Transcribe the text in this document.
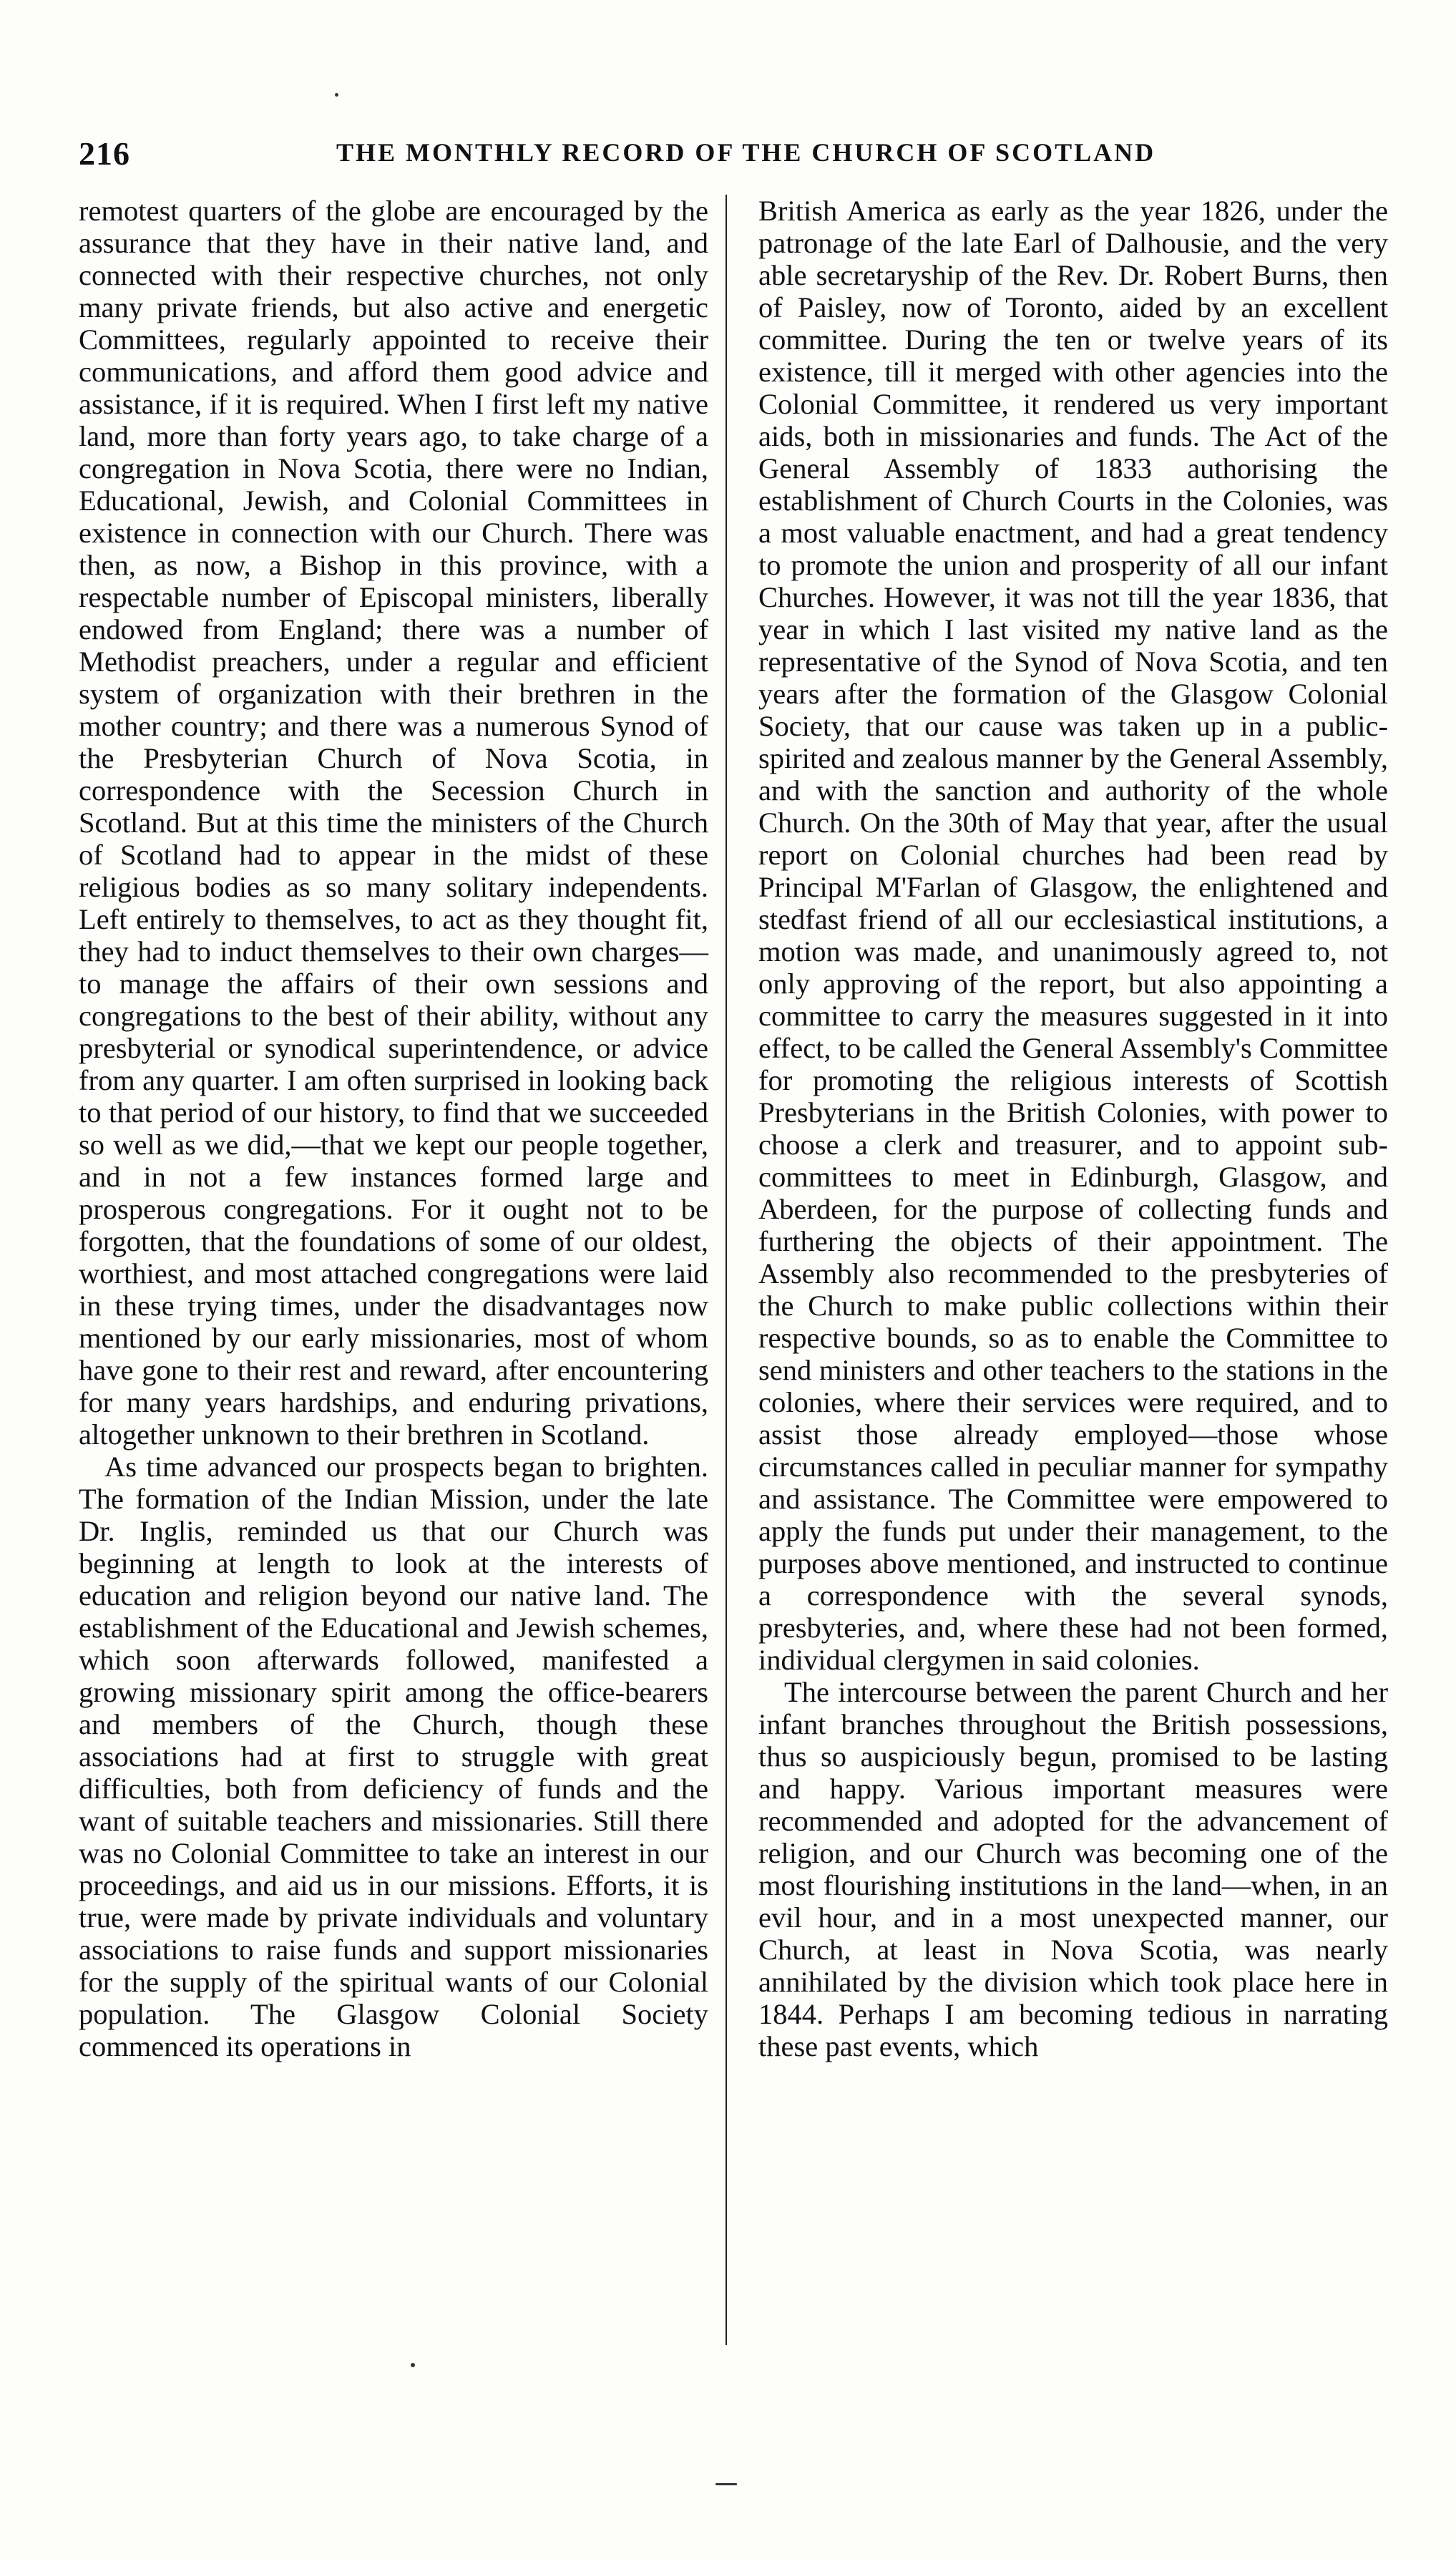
216	THE MONTHLY RECORD OF THE CHURCH OF SCOTLAND

remotest quarters of the globe are encouraged by the assurance that they have in their native land, and connected with their respective churches, not only many private friends, but also active and energetic Committees, regularly appointed to receive their communications, and afford them good advice and assistance, if it is required. When I first left my native land, more than forty years ago, to take charge of a congregation in Nova Scotia, there were no Indian, Educational, Jewish, and Colonial Committees in existence in connection with our Church. There was then, as now, a Bishop in this province, with a respectable number of Episcopal ministers, liberally endowed from England; there was a number of Methodist preachers, under a regular and efficient system of organization with their brethren in the mother country; and there was a numerous Synod of the Presbyterian Church of Nova Scotia, in correspondence with the Secession Church in Scotland. But at this time the ministers of the Church of Scotland had to appear in the midst of these religious bodies as so many solitary independents. Left entirely to themselves, to act as they thought fit, they had to induct themselves to their own charges—to manage the affairs of their own sessions and congregations to the best of their ability, without any presbyterial or synodical superintendence, or advice from any quarter. I am often surprised in looking back to that period of our history, to find that we succeeded so well as we did,—that we kept our people together, and in not a few instances formed large and prosperous congregations. For it ought not to be forgotten, that the foundations of some of our oldest, worthiest, and most attached congregations were laid in these trying times, under the disadvantages now mentioned by our early missionaries, most of whom have gone to their rest and reward, after encountering for many years hardships, and enduring privations, altogether unknown to their brethren in Scotland.

As time advanced our prospects began to brighten. The formation of the Indian Mission, under the late Dr. Inglis, reminded us that our Church was beginning at length to look at the interests of education and religion beyond our native land. The establishment of the Educational and Jewish schemes, which soon afterwards followed, manifested a growing missionary spirit among the office-bearers and members of the Church, though these associations had at first to struggle with great difficulties, both from deficiency of funds and the want of suitable teachers and missionaries. Still there was no Colonial Committee to take an interest in our proceedings, and aid us in our missions. Efforts, it is true, were made by private individuals and voluntary associations to raise funds and support missionaries for the supply of the spiritual wants of our Colonial population. The Glasgow Colonial Society commenced its operations in

British America as early as the year 1826, under the patronage of the late Earl of Dalhousie, and the very able secretaryship of the Rev. Dr. Robert Burns, then of Paisley, now of Toronto, aided by an excellent committee. During the ten or twelve years of its existence, till it merged with other agencies into the Colonial Committee, it rendered us very important aids, both in missionaries and funds. The Act of the General Assembly of 1833 authorising the establishment of Church Courts in the Colonies, was a most valuable enactment, and had a great tendency to promote the union and prosperity of all our infant Churches. However, it was not till the year 1836, that year in which I last visited my native land as the representative of the Synod of Nova Scotia, and ten years after the formation of the Glasgow Colonial Society, that our cause was taken up in a public-spirited and zealous manner by the General Assembly, and with the sanction and authority of the whole Church. On the 30th of May that year, after the usual report on Colonial churches had been read by Principal M'Farlan of Glasgow, the enlightened and stedfast friend of all our ecclesiastical institutions, a motion was made, and unanimously agreed to, not only approving of the report, but also appointing a committee to carry the measures suggested in it into effect, to be called the General Assembly's Committee for promoting the religious interests of Scottish Presbyterians in the British Colonies, with power to choose a clerk and treasurer, and to appoint sub-committees to meet in Edinburgh, Glasgow, and Aberdeen, for the purpose of collecting funds and furthering the objects of their appointment. The Assembly also recommended to the presbyteries of the Church to make public collections within their respective bounds, so as to enable the Committee to send ministers and other teachers to the stations in the colonies, where their services were required, and to assist those already employed—those whose circumstances called in peculiar manner for sympathy and assistance. The Committee were empowered to apply the funds put under their management, to the purposes above mentioned, and instructed to continue a correspondence with the several synods, presbyteries, and, where these had not been formed, individual clergymen in said colonies.

The intercourse between the parent Church and her infant branches throughout the British possessions, thus so auspiciously begun, promised to be lasting and happy. Various important measures were recommended and adopted for the advancement of religion, and our Church was becoming one of the most flourishing institutions in the land—when, in an evil hour, and in a most unexpected manner, our Church, at least in Nova Scotia, was nearly annihilated by the division which took place here in 1844. Perhaps I am becoming tedious in narrating these past events, which
